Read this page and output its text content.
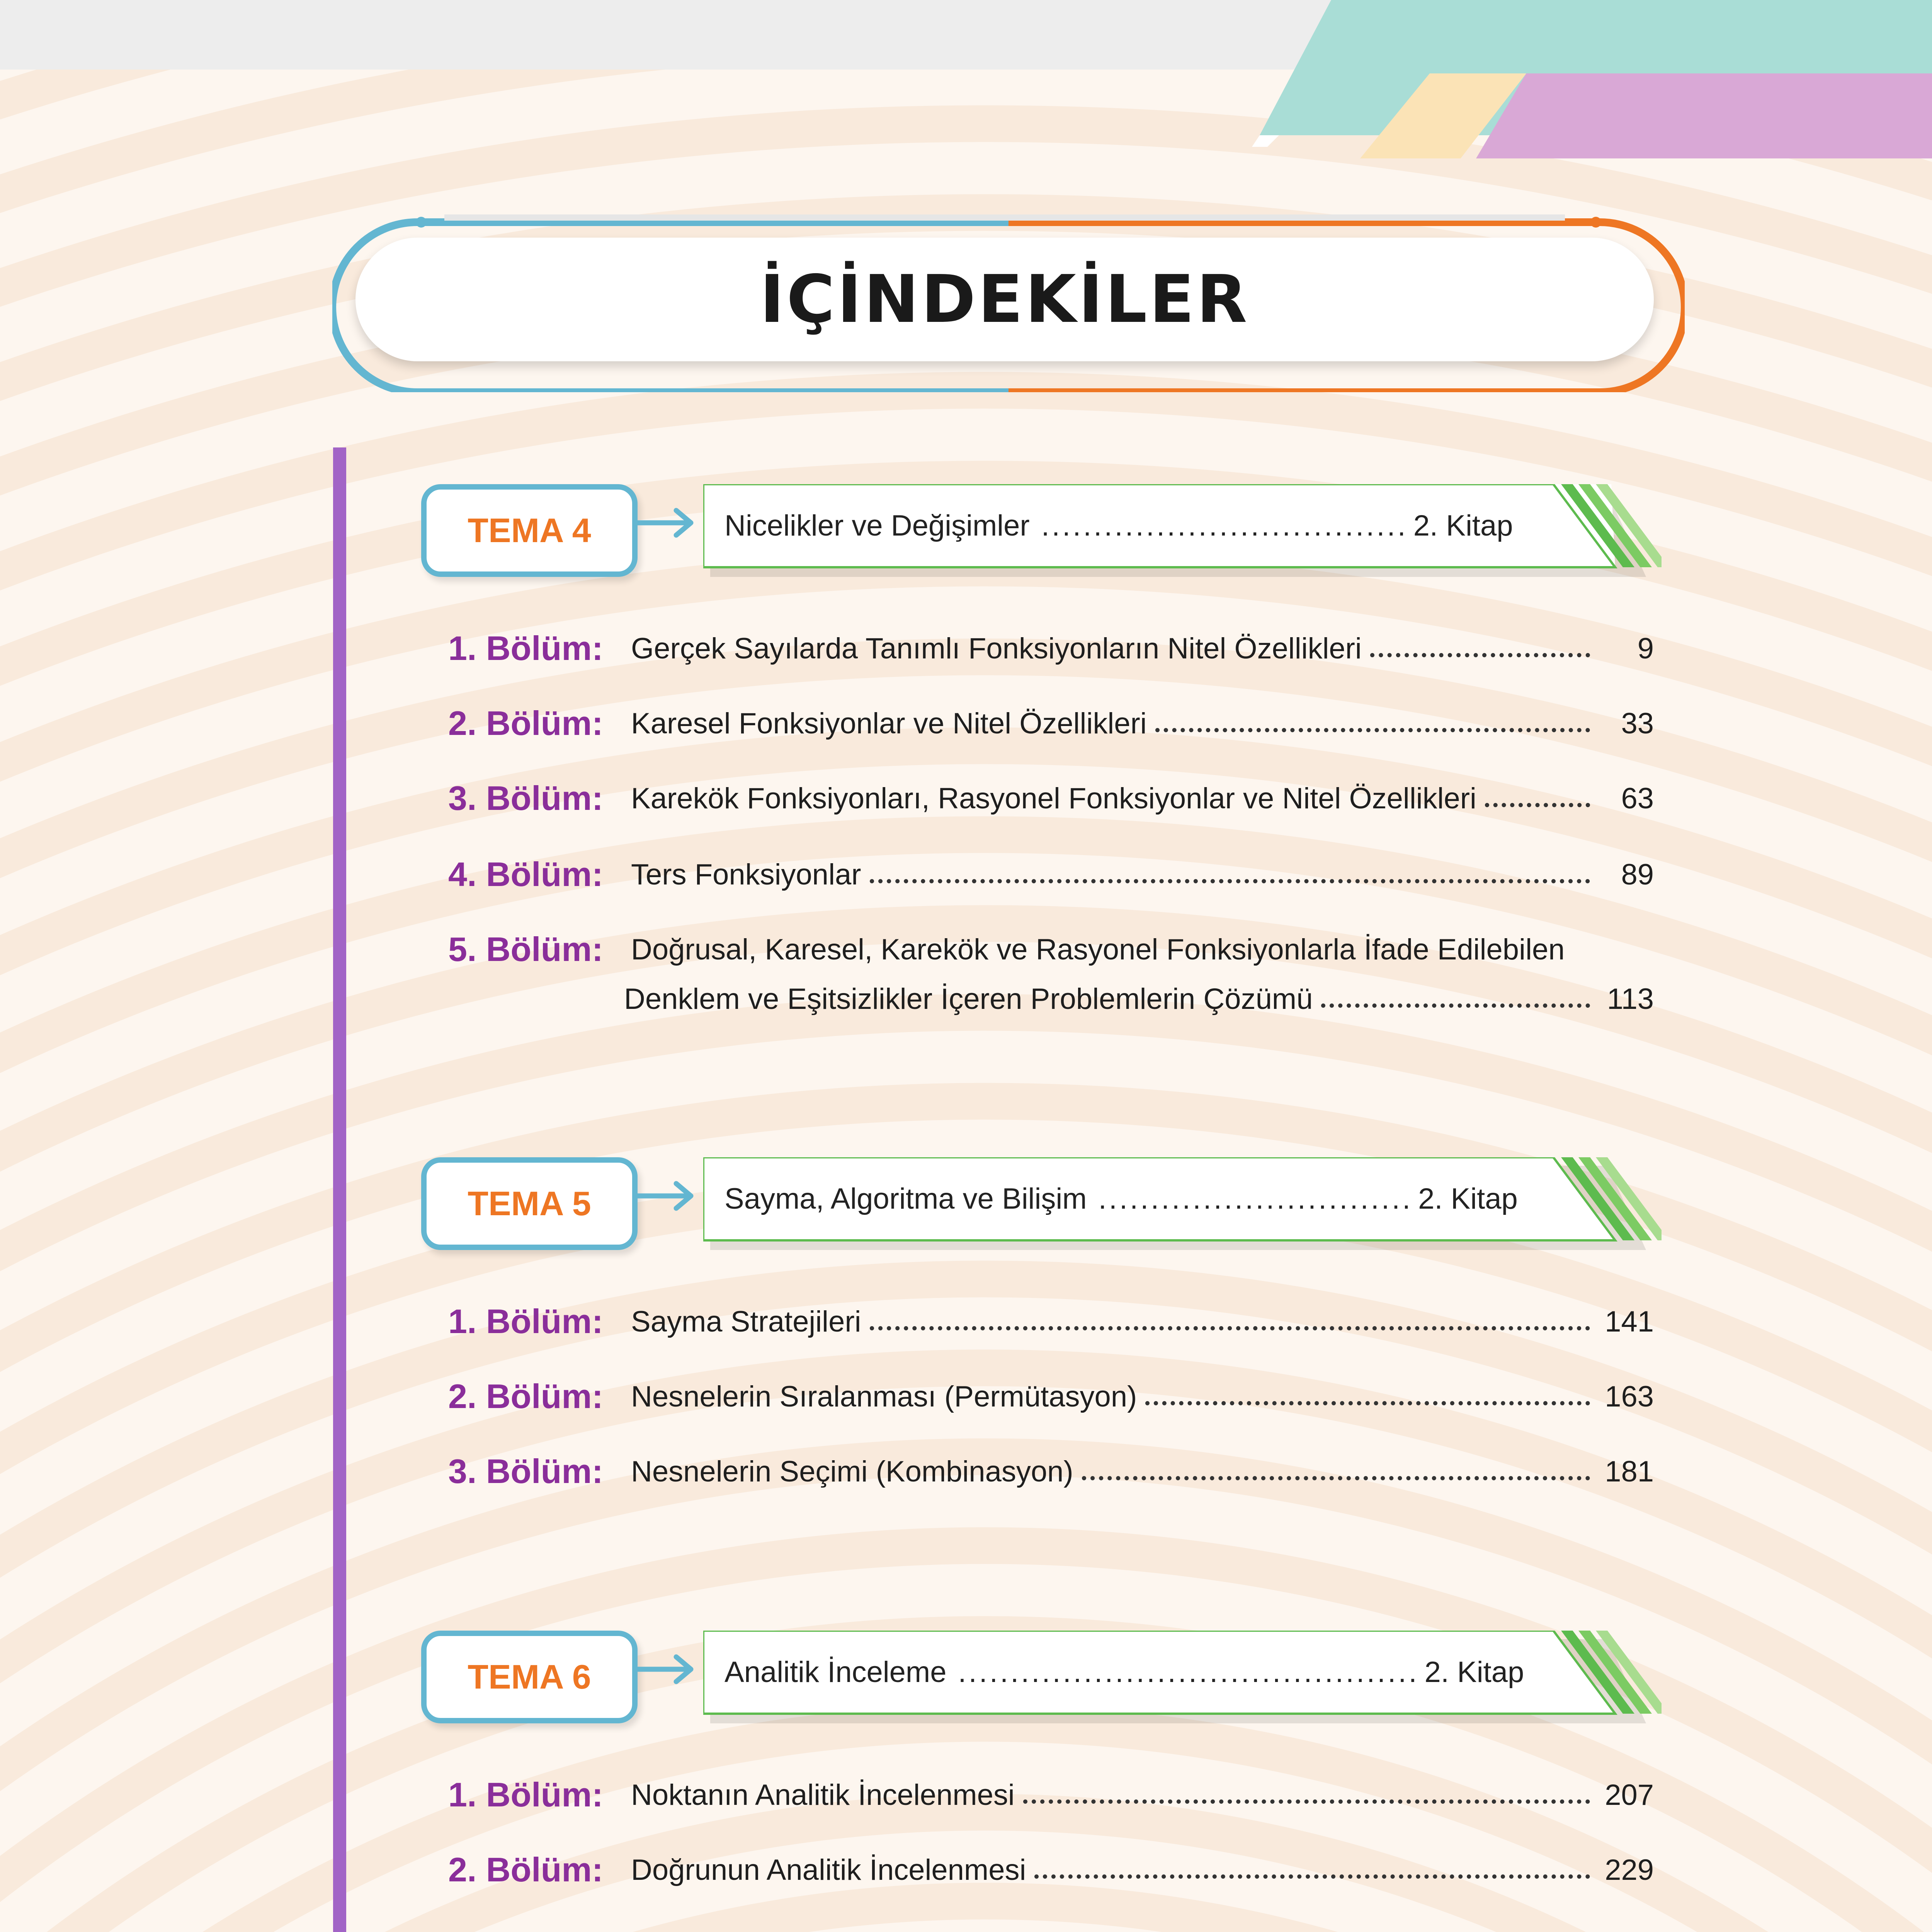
İÇİNDEKİLER
TEMA 4	Nicelikler ve Değişimler ................................... 2. Kitap
1. Bölüm: Gerçek Sayılarda Tanımlı Fonksiyonların Nitel Özellikleri	9
2. Bölüm: Karesel Fonksiyonlar ve Nitel Özellikleri	33
3. Bölüm: Karekök Fonksiyonları, Rasyonel Fonksiyonlar ve Nitel Özellikleri	63
4. Bölüm: Ters Fonksiyonlar	89
5. Bölüm: Doğrusal, Karesel, Karekök ve Rasyonel Fonksiyonlarla İfade Edilebilen
Denklem ve Eşitsizlikler İçeren Problemlerin Çözümü	113
TEMA 5	Sayma, Algoritma ve Bilişim .............................. 2. Kitap
1. Bölüm: Sayma Stratejileri	141
2. Bölüm: Nesnelerin Sıralanması (Permütasyon)	163
3. Bölüm: Nesnelerin Seçimi (Kombinasyon)	181
TEMA 6	Analitik İnceleme ............................................ 2. Kitap
1. Bölüm: Noktanın Analitik İncelenmesi	207
2. Bölüm: Doğrunun Analitik İncelenmesi	229
